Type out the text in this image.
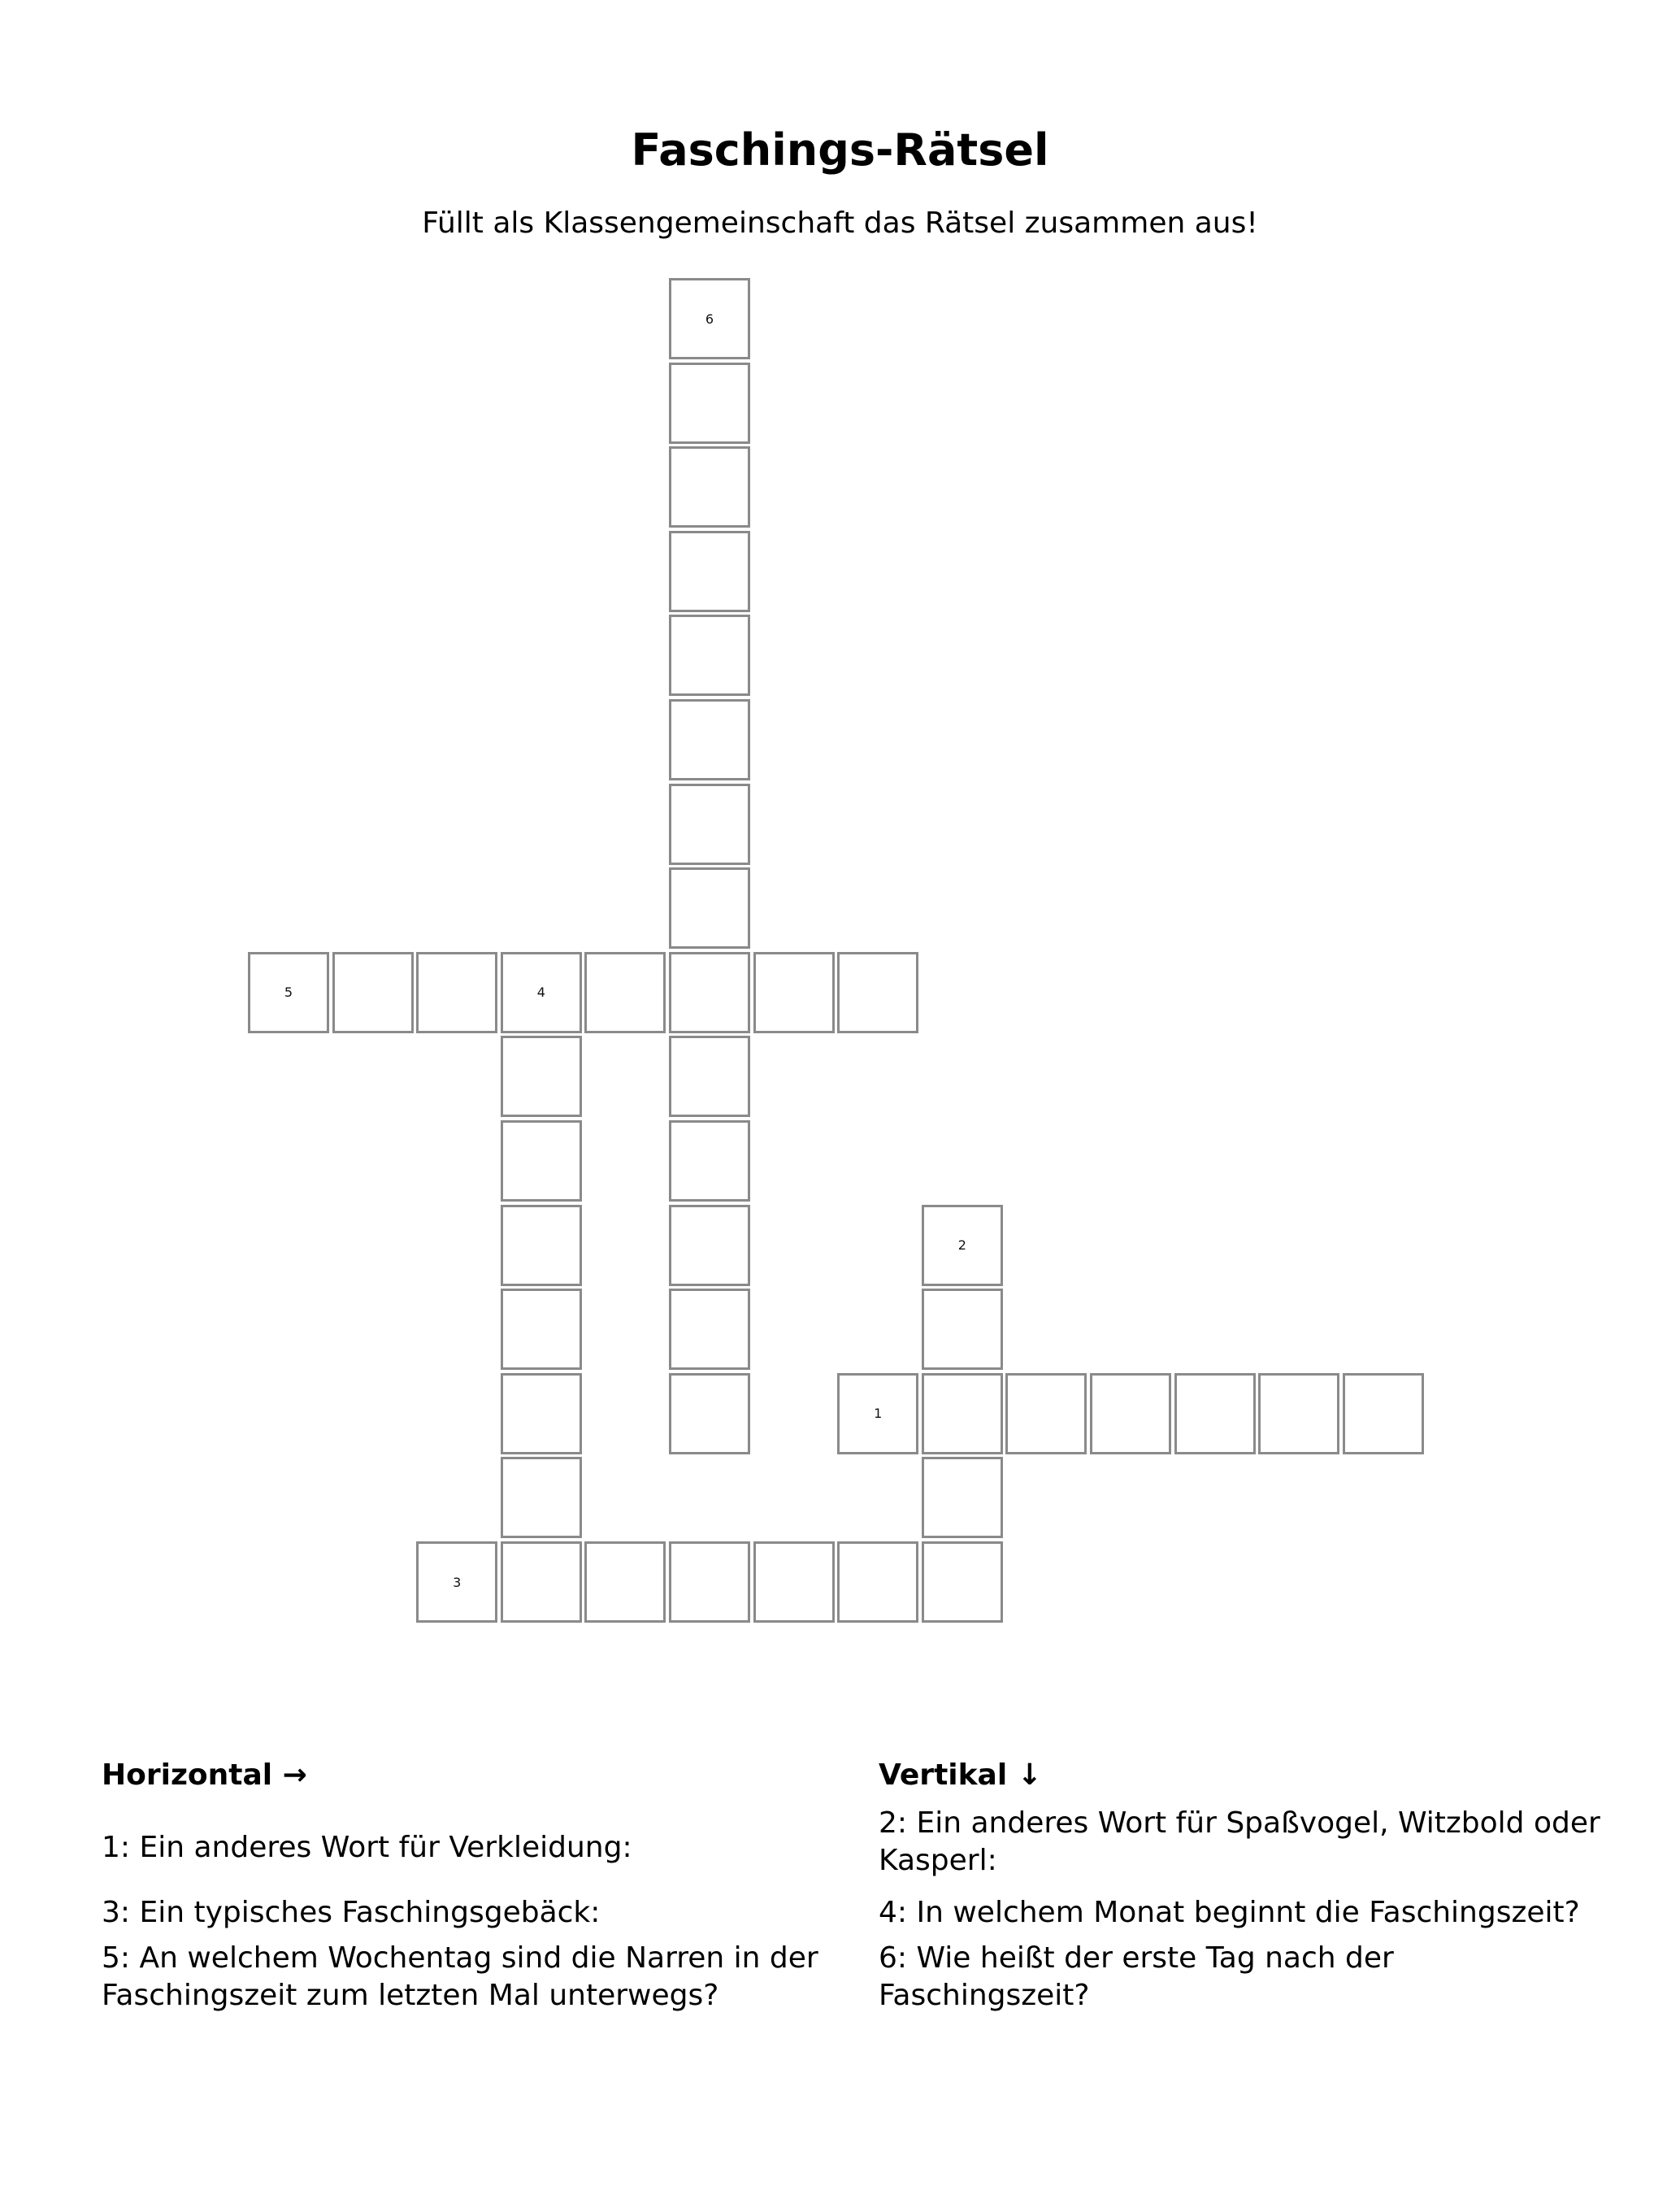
Faschings-Rätsel
Füllt als Klassengemeinschaft das Rätsel zusammen aus!
1
2
3
4
5
6
Horizontal →

1: Ein anderes Wort für Verkleidung:

3: Ein typisches Faschingsgebäck:

5: An welchem Wochentag sind die Narren in der Faschingszeit zum letzten Mal unterwegs?

Vertikal ↓

2: Ein anderes Wort für Spaßvogel, Witzbold oder Kasperl:

4: In welchem Monat beginnt die Faschingszeit?

6: Wie heißt der erste Tag nach der Faschingszeit?
